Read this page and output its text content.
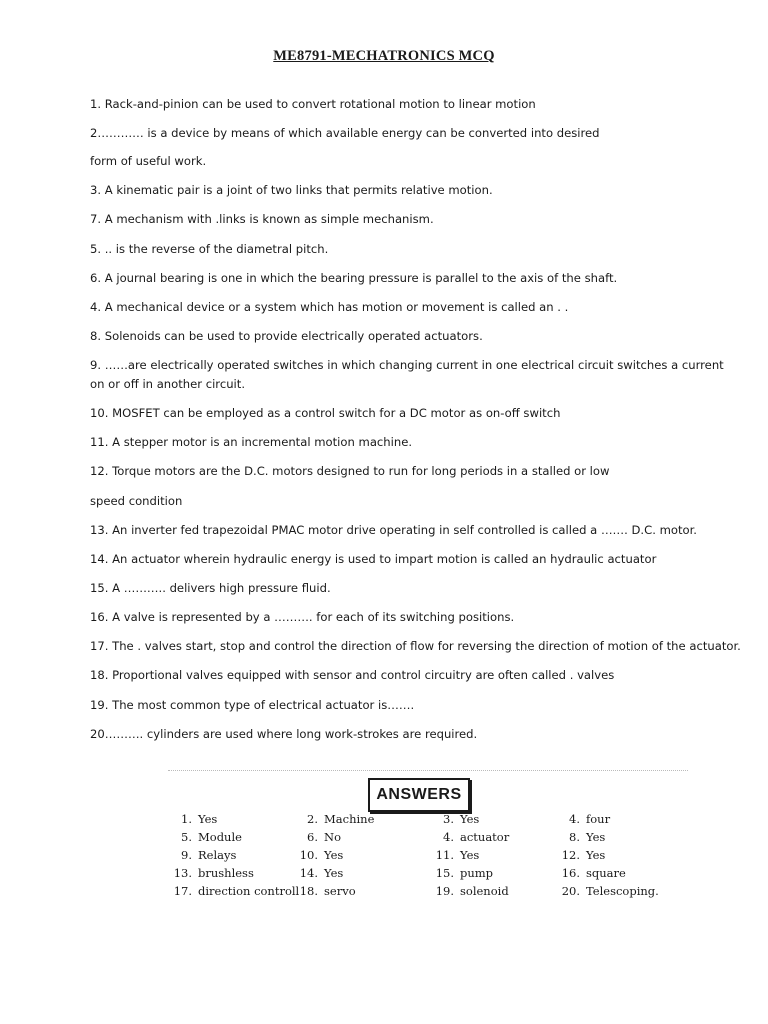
ME8791-MECHATRONICS MCQ
1. Rack-and-pinion can be used to convert rotational motion to linear motion
2………… is a device by means of which available energy can be converted into desired
form of useful work.
3. A kinematic pair is a joint of two links that permits relative motion.
7. A mechanism with .links is known as simple mechanism.
5. .. is the reverse of the diametral pitch.
6. A journal bearing is one in which the bearing pressure is parallel to the axis of the shaft.
4. A mechanical device or a system which has motion or movement is called an . .
8. Solenoids can be used to provide electrically operated actuators.
9. ……are electrically operated switches in which changing current in one electrical circuit switches a current on or off in another circuit.
10. MOSFET can be employed as a control switch for a DC motor as on-off switch
11. A stepper motor is an incremental motion machine.
12. Torque motors are the D.C. motors designed to run for long periods in a stalled or low
speed condition
13. An inverter fed trapezoidal PMAC motor drive operating in self controlled is called a ……. D.C. motor.
14. An actuator wherein hydraulic energy is used to impart motion is called an hydraulic actuator
15. A ……….. delivers high pressure fluid.
16. A valve is represented by a ………. for each of its switching positions.
17. The . valves start, stop and control the direction of flow for reversing the direction of motion of the actuator.
18. Proportional valves equipped with sensor and control circuitry are often called . valves
19. The most common type of electrical actuator is…….
20………. cylinders are used where long work-strokes are required.
ANSWERS
1. Yes	2. Machine	3. Yes	4. four
5. Module	6. No	4. actuator	8. Yes
9. Relays	10. Yes	11. Yes	12. Yes
13. brushless	14. Yes	15. pump	16. square
17. direction controll 18. servo	19. solenoid	20. Telescoping.
